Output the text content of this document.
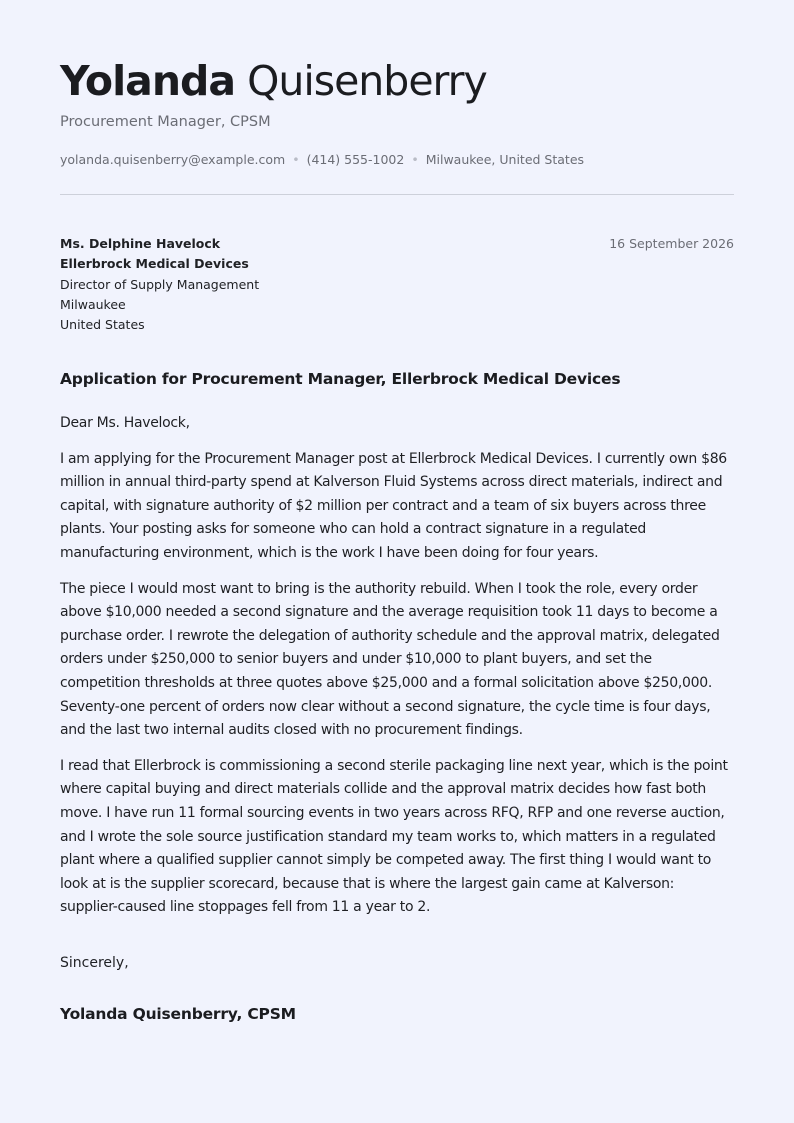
Yolanda Quisenberry
Procurement Manager, CPSM
yolanda.quisenberry@example.com • (414) 555-1002 • Milwaukee, United States
Ms. Delphine Havelock
Ellerbrock Medical Devices
Director of Supply Management
Milwaukee
United States
16 September 2026
Application for Procurement Manager, Ellerbrock Medical Devices

Dear Ms. Havelock,

I am applying for the Procurement Manager post at Ellerbrock Medical Devices. I currently own $86 million in annual third-party spend at Kalverson Fluid Systems across direct materials, indirect and capital, with signature authority of $2 million per contract and a team of six buyers across three plants. Your posting asks for someone who can hold a contract signature in a regulated manufacturing environment, which is the work I have been doing for four years.

The piece I would most want to bring is the authority rebuild. When I took the role, every order above $10,000 needed a second signature and the average requisition took 11 days to become a purchase order. I rewrote the delegation of authority schedule and the approval matrix, delegated orders under $250,000 to senior buyers and under $10,000 to plant buyers, and set the competition thresholds at three quotes above $25,000 and a formal solicitation above $250,000. Seventy-one percent of orders now clear without a second signature, the cycle time is four days, and the last two internal audits closed with no procurement findings.

I read that Ellerbrock is commissioning a second sterile packaging line next year, which is the point where capital buying and direct materials collide and the approval matrix decides how fast both move. I have run 11 formal sourcing events in two years across RFQ, RFP and one reverse auction, and I wrote the sole source justification standard my team works to, which matters in a regulated plant where a qualified supplier cannot simply be competed away. The first thing I would want to look at is the supplier scorecard, because that is where the largest gain came at Kalverson: supplier-caused line stoppages fell from 11 a year to 2.

Sincerely,
Yolanda Quisenberry, CPSM
